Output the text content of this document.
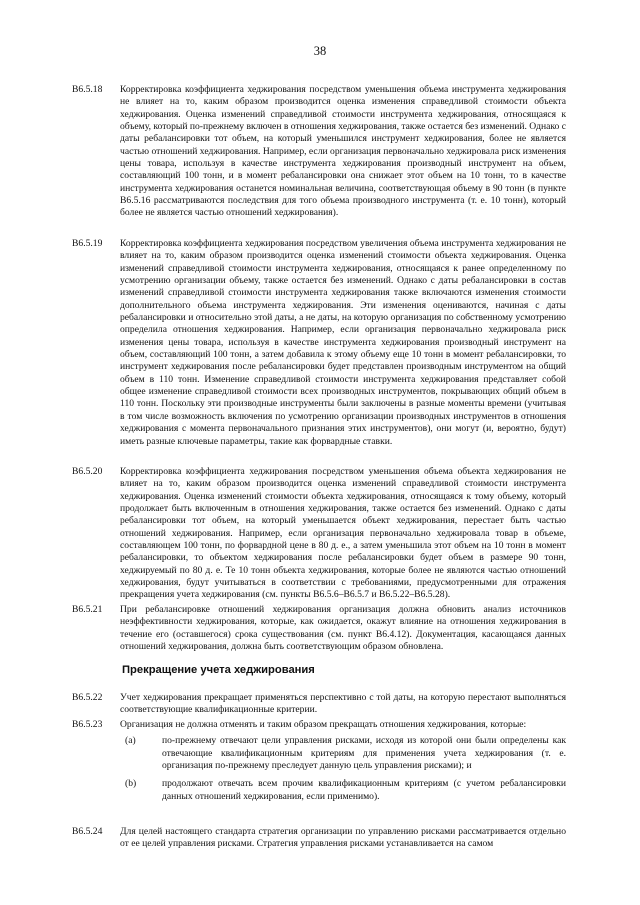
38
B6.5.18	Корректировка коэффициента хеджирования посредством уменьшения объема инструмента хеджирования не влияет на то, каким образом производится оценка изменения справедливой стоимости объекта хеджирования. Оценка изменений справедливой стоимости инструмента хеджирования, относящаяся к объему, который по-прежнему включен в отношения хеджирования, также остается без изменений. Однако с даты ребалансировки тот объем, на который уменьшился инструмент хеджирования, более не является частью отношений хеджирования. Например, если организация первоначально хеджировала риск изменения цены товара, используя в качестве инструмента хеджирования производный инструмент на объем, составляющий 100 тонн, и в момент ребалансировки она снижает этот объем на 10 тонн, то в качестве инструмента хеджирования останется номинальная величина, соответствующая объему в 90 тонн (в пункте B6.5.16 рассматриваются последствия для того объема производного инструмента (т. е. 10 тонн), который более не является частью отношений хеджирования).
B6.5.19	Корректировка коэффициента хеджирования посредством увеличения объема инструмента хеджирования не влияет на то, каким образом производится оценка изменений стоимости объекта хеджирования. Оценка изменений справедливой стоимости инструмента хеджирования, относящаяся к ранее определенному по усмотрению организации объему, также остается без изменений. Однако с даты ребалансировки в состав изменений справедливой стоимости инструмента хеджирования также включаются изменения стоимости дополнительного объема инструмента хеджирования. Эти изменения оцениваются, начиная с даты ребалансировки и относительно этой даты, а не даты, на которую организация по собственному усмотрению определила отношения хеджирования. Например, если организация первоначально хеджировала риск изменения цены товара, используя в качестве инструмента хеджирования производный инструмент на объем, составляющий 100 тонн, а затем добавила к этому объему еще 10 тонн в момент ребалансировки, то инструмент хеджирования после ребалансировки будет представлен производным инструментом на общий объем в 110 тонн. Изменение справедливой стоимости инструмента хеджирования представляет собой общее изменение справедливой стоимости всех производных инструментов, покрывающих общий объем в 110 тонн. Поскольку эти производные инструменты были заключены в разные моменты времени (учитывая в том числе возможность включения по усмотрению организации производных инструментов в отношения хеджирования с момента первоначального признания этих инструментов), они могут (и, вероятно, будут) иметь разные ключевые параметры, такие как форвардные ставки.
B6.5.20	Корректировка коэффициента хеджирования посредством уменьшения объема объекта хеджирования не влияет на то, каким образом производится оценка изменений справедливой стоимости инструмента хеджирования. Оценка изменений стоимости объекта хеджирования, относящаяся к тому объему, который продолжает быть включенным в отношения хеджирования, также остается без изменений. Однако с даты ребалансировки тот объем, на который уменьшается объект хеджирования, перестает быть частью отношений хеджирования. Например, если организация первоначально хеджировала товар в объеме, составляющем 100 тонн, по форвардной цене в 80 д. е., а затем уменьшила этот объем на 10 тонн в момент ребалансировки, то объектом хеджирования после ребалансировки будет объем в размере 90 тонн, хеджируемый по 80 д. е. Те 10 тонн объекта хеджирования, которые более не являются частью отношений хеджирования, будут учитываться в соответствии с требованиями, предусмотренными для отражения прекращения учета хеджирования (см. пункты B6.5.6–B6.5.7 и B6.5.22–B6.5.28).
B6.5.21	При ребалансировке отношений хеджирования организация должна обновить анализ источников неэффективности хеджирования, которые, как ожидается, окажут влияние на отношения хеджирования в течение его (оставшегося) срока существования (см. пункт B6.4.12). Документация, касающаяся данных отношений хеджирования, должна быть соответствующим образом обновлена.
Прекращение учета хеджирования
B6.5.22	Учет хеджирования прекращает применяться перспективно с той даты, на которую перестают выполняться соответствующие квалификационные критерии.
B6.5.23	Организация не должна отменять и таким образом прекращать отношения хеджирования, которые:
(a)	по-прежнему отвечают цели управления рисками, исходя из которой они были определены как отвечающие квалификационным критериям для применения учета хеджирования (т. е. организация по-прежнему преследует данную цель управления рисками); и
(b)	продолжают отвечать всем прочим квалификационным критериям (с учетом ребалансировки данных отношений хеджирования, если применимо).
B6.5.24	Для целей настоящего стандарта стратегия организации по управлению рисками рассматривается отдельно от ее целей управления рисками. Стратегия управления рисками устанавливается на самом
